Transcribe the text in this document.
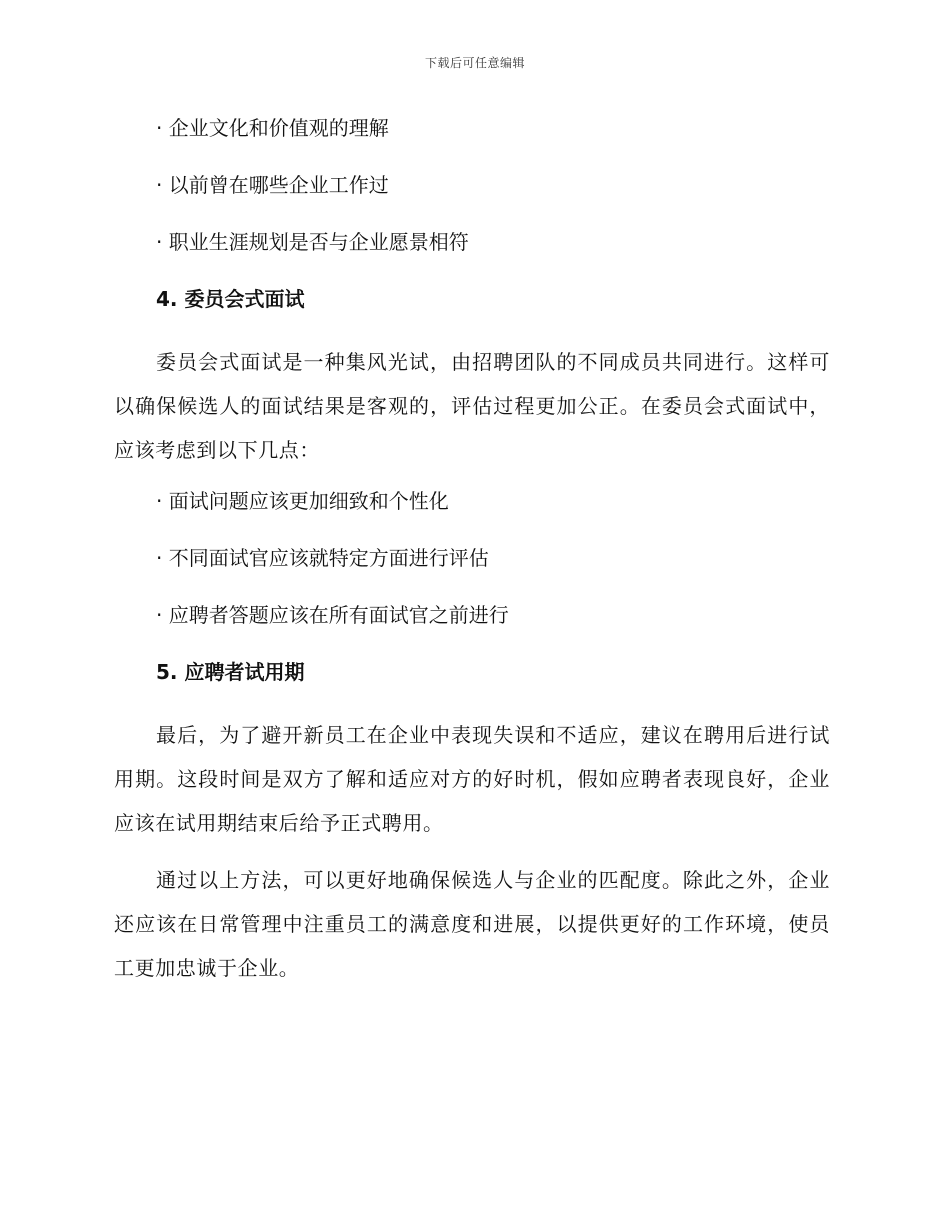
下载后可任意编辑

· 企业文化和价值观的理解

· 以前曾在哪些企业工作过

· 职业生涯规划是否与企业愿景相符

4. 委员会式面试

委员会式面试是一种集风光试，由招聘团队的不同成员共同进行。这样可以确保候选人的面试结果是客观的，评估过程更加公正。在委员会式面试中，应该考虑到以下几点：

· 面试问题应该更加细致和个性化

· 不同面试官应该就特定方面进行评估

· 应聘者答题应该在所有面试官之前进行

5. 应聘者试用期

最后，为了避开新员工在企业中表现失误和不适应，建议在聘用后进行试用期。这段时间是双方了解和适应对方的好时机，假如应聘者表现良好，企业应该在试用期结束后给予正式聘用。

通过以上方法，可以更好地确保候选人与企业的匹配度。除此之外，企业还应该在日常管理中注重员工的满意度和进展，以提供更好的工作环境，使员工更加忠诚于企业。
